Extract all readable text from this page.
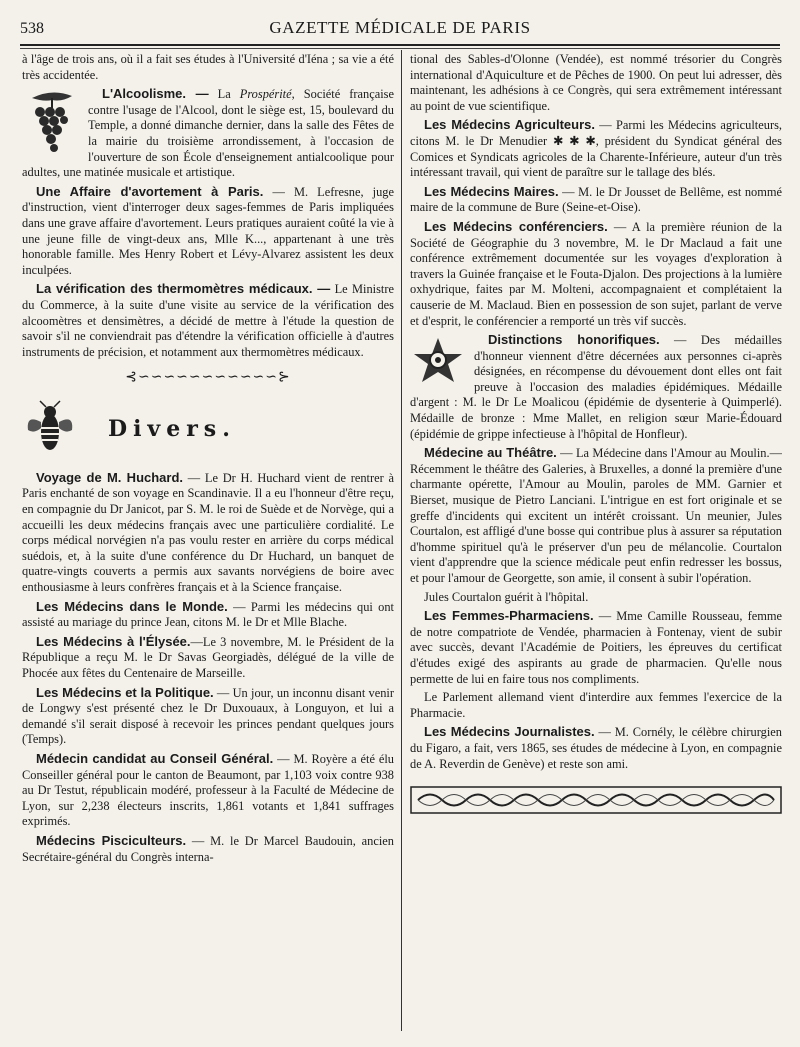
538	GAZETTE MÉDICALE DE PARIS

à l'âge de trois ans, où il a fait ses études à l'Université d'Iéna ; sa vie a été très accidentée.

L'Alcoolisme. — La Prospérité, Société française contre l'usage de l'Alcool, dont le siège est, 15, boulevard du Temple, a donné dimanche dernier, dans la salle des Fêtes de la mairie du troisième arrondissement, à l'occasion de l'ouverture de son École d'enseignement antialcoolique pour adultes, une matinée musicale et artistique.

Une Affaire d'avortement à Paris. — M. Lefresne, juge d'instruction, vient d'interroger deux sages-femmes de Paris impliquées dans une grave affaire d'avortement. Leurs pratiques auraient coûté la vie à une jeune fille de vingt-deux ans, Mlle K..., appartenant à une très honorable famille. Mes Henry Robert et Lévy-Alvarez assistent les deux inculpées.

La vérification des thermomètres médicaux. — Le Ministre du Commerce, à la suite d'une visite au service de la vérification des alcoomètres et densimètres, a décidé de mettre à l'étude la question de savoir s'il ne conviendrait pas d'étendre la vérification officielle à d'autres instruments de précision, et notamment aux thermomètres médicaux.

⊰∽∽∽∽∽∽∽∽∽∽∽⊱
Divers.

Voyage de M. Huchard. — Le Dr H. Huchard vient de rentrer à Paris enchanté de son voyage en Scandinavie. Il a eu l'honneur d'être reçu, en compagnie du Dr Janicot, par S. M. le roi de Suède et de Norvège, qui a accueilli les deux médecins français avec une particulière cordialité. Le corps médical norvégien n'a pas voulu rester en arrière du corps médical suédois, et, à la suite d'une conférence du Dr Huchard, un banquet de quatre-vingts couverts a permis aux savants norvégiens de boire avec enthousiasme à leurs confrères français et à la Science française.

Les Médecins dans le Monde. — Parmi les médecins qui ont assisté au mariage du prince Jean, citons M. le Dr et Mlle Blache.

Les Médecins à l'Élysée.—Le 3 novembre, M. le Président de la République a reçu M. le Dr Savas Georgiadès, délégué de la ville de Phocée aux fêtes du Centenaire de Marseille.

Les Médecins et la Politique. — Un jour, un inconnu disant venir de Longwy s'est présenté chez le Dr Duxouaux, à Longuyon, et lui a demandé s'il serait disposé à recevoir les princes pendant quelques jours (Temps).

Médecin candidat au Conseil Général. — M. Royère a été élu Conseiller général pour le canton de Beaumont, par 1,103 voix contre 938 au Dr Testut, républicain modéré, professeur à la Faculté de Médecine de Lyon, sur 2,238 électeurs inscrits, 1,861 votants et 1,841 suffrages exprimés.

Médecins Pisciculteurs. — M. le Dr Marcel Baudouin, ancien Secrétaire-général du Congrès interna-

tional des Sables-d'Olonne (Vendée), est nommé trésorier du Congrès international d'Aquiculture et de Pêches de 1900. On peut lui adresser, dès maintenant, les adhésions à ce Congrès, qui sera extrêmement intéressant au point de vue scientifique.

Les Médecins Agriculteurs. — Parmi les Médecins agriculteurs, citons M. le Dr Menudier ✱ ✱ ✱, président du Syndicat général des Comices et Syndicats agricoles de la Charente-Inférieure, auteur d'un très intéressant travail, qui vient de paraître sur le tallage des blés.

Les Médecins Maires. — M. le Dr Jousset de Bellême, est nommé maire de la commune de Bure (Seine-et-Oise).

Les Médecins conférenciers. — A la première réunion de la Société de Géographie du 3 novembre, M. le Dr Maclaud a fait une conférence extrêmement documentée sur les voyages d'exploration à travers la Guinée française et le Fouta-Djalon. Des projections à la lumière oxhydrique, faites par M. Molteni, accompagnaient et complétaient la causerie de M. Maclaud. Bien en possession de son sujet, parlant de verve et d'esprit, le conférencier a remporté un très vif succès.

Distinctions honorifiques. — Des médailles d'honneur viennent d'être décernées aux personnes ci-après désignées, en récompense du dévouement dont elles ont fait preuve à l'occasion des maladies épidémiques. Médaille d'argent : M. le Dr Le Moalicou (épidémie de dysenterie à Quimperlé). Médaille de bronze : Mme Mallet, en religion sœur Marie-Édouard (épidémie de grippe infectieuse à l'hôpital de Honfleur).

Médecine au Théâtre. — La Médecine dans l'Amour au Moulin.— Récemment le théâtre des Galeries, à Bruxelles, a donné la première d'une charmante opérette, l'Amour au Moulin, paroles de MM. Garnier et Bierset, musique de Pietro Lanciani. L'intrigue en est fort originale et se greffe d'incidents qui excitent un intérêt croissant. Un meunier, Jules Courtalon, est affligé d'une bosse qui contribue plus à assurer sa réputation d'homme spirituel qu'à le préserver d'un peu de mélancolie. Courtalon vient d'apprendre que la science médicale peut enfin redresser les bossus, et pour l'amour de Georgette, son amie, il consent à subir l'opération.

Jules Courtalon guérit à l'hôpital.

Les Femmes-Pharmaciens. — Mme Camille Rousseau, femme de notre compatriote de Vendée, pharmacien à Fontenay, vient de subir avec succès, devant l'Académie de Poitiers, les épreuves du certificat d'études exigé des aspirants au grade de pharmacien. Qu'elle nous permette de lui en faire tous nos compliments.

Le Parlement allemand vient d'interdire aux femmes l'exercice de la Pharmacie.

Les Médecins Journalistes. — M. Cornély, le célèbre chirurgien du Figaro, a fait, vers 1865, ses études de médecine à Lyon, en compagnie de A. Reverdin de Genève) et reste son ami.
